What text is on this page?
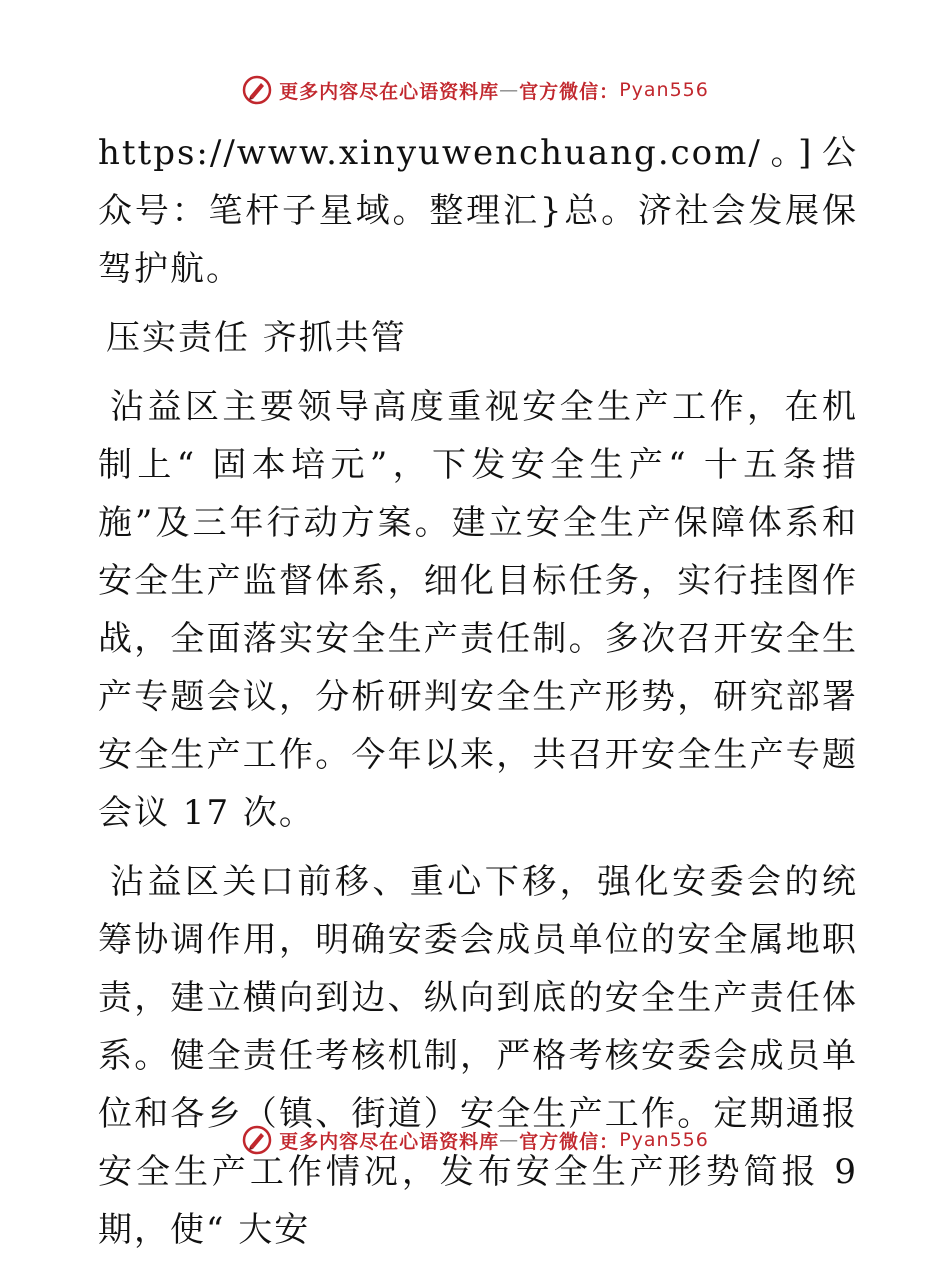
更多内容尽在心语资料库 — 官方微信： Pyan556

https://www.xinyuwenchuang.com/。]公众号：笔杆子星域。整理汇}总。济社会发展保驾护航。

压实责任 齐抓共管

沾益区主要领导高度重视安全生产工作，在机制上“ 固本培元”，下发安全生产“ 十五条措施”及三年行动方案。建立安全生产保障体系和安全生产监督体系，细化目标任务，实行挂图作战，全面落实安全生产责任制。多次召开安全生产专题会议，分析研判安全生产形势，研究部署安全生产工作。今年以来，共召开安全生产专题会议 17 次。

沾益区关口前移、重心下移，强化安委会的统筹协调作用，明确安委会成员单位的安全属地职责，建立横向到边、纵向到底的安全生产责任体系。健全责任考核机制，严格考核安委会成员单位和各乡（镇、街道）安全生产工作。定期通报安全生产工作情况，发布安全生产形势简报 9期，使“ 大安

更多内容尽在心语资料库 — 官方微信： Pyan556
